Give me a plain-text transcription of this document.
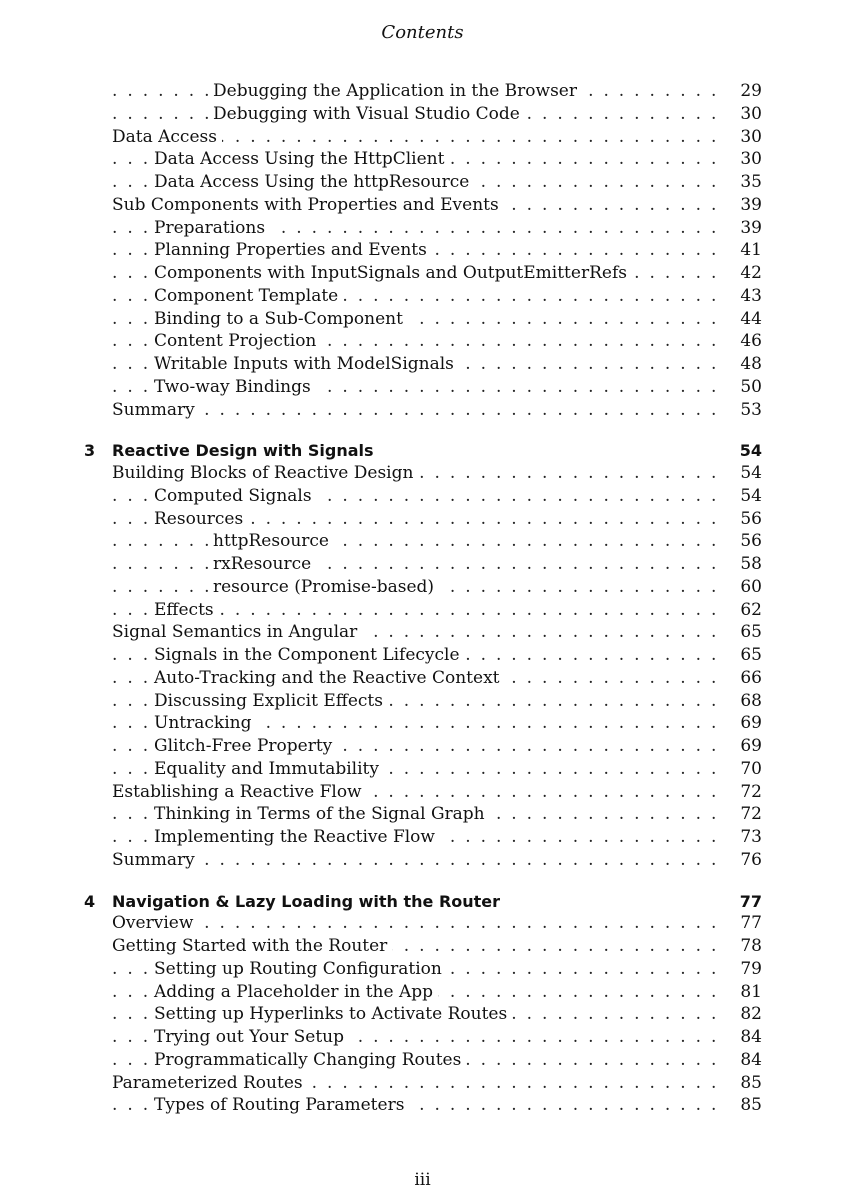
Contents
. . .
Debugging the Application in the Browser	29
. . .
Debugging with Visual Studio Code	30
. . .
Data Access	30
. . .
Data Access Using the HttpClient	30
. . .
Data Access Using the httpResource	35
. . .
Sub Components with Properties and Events	39
. . .
Preparations	39
. . .
Planning Properties and Events	41
. . .
Components with InputSignals and OutputEmitterRefs	42
. . .
Component Template	43
. . .
Binding to a Sub-Component	44
. . .
Content Projection	46
. . .
Writable Inputs with ModelSignals	48
. . .
Two-way Bindings	50
. . .
Summary	53
3 Reactive Design with Signals	54
. . .
Building Blocks of Reactive Design	54
. . .
Computed Signals	54
. . .
Resources	56
. . .
httpResource	56
. . .
rxResource	58
. . .
resource (Promise-based)	60
. . .
Effects	62
. . .
Signal Semantics in Angular	65
. . .
Signals in the Component Lifecycle	65
. . .
Auto-Tracking and the Reactive Context	66
. . .
Discussing Explicit Effects	68
. . .
Untracking	69
. . .
Glitch-Free Property	69
. . .
Equality and Immutability	70
. . .
Establishing a Reactive Flow	72
. . .
Thinking in Terms of the Signal Graph	72
. . .
Implementing the Reactive Flow	73
. . .
Summary	76
4 Navigation & Lazy Loading with the Router	77
. . .
Overview	77
. . .
Getting Started with the Router	78
. . .
Setting up Routing Configuration	79
. . .
Adding a Placeholder in the App	81
. . .
Setting up Hyperlinks to Activate Routes	82
. . .
Trying out Your Setup	84
. . .
Programmatically Changing Routes	84
. . .
Parameterized Routes	85
. . .
Types of Routing Parameters	85
iii
